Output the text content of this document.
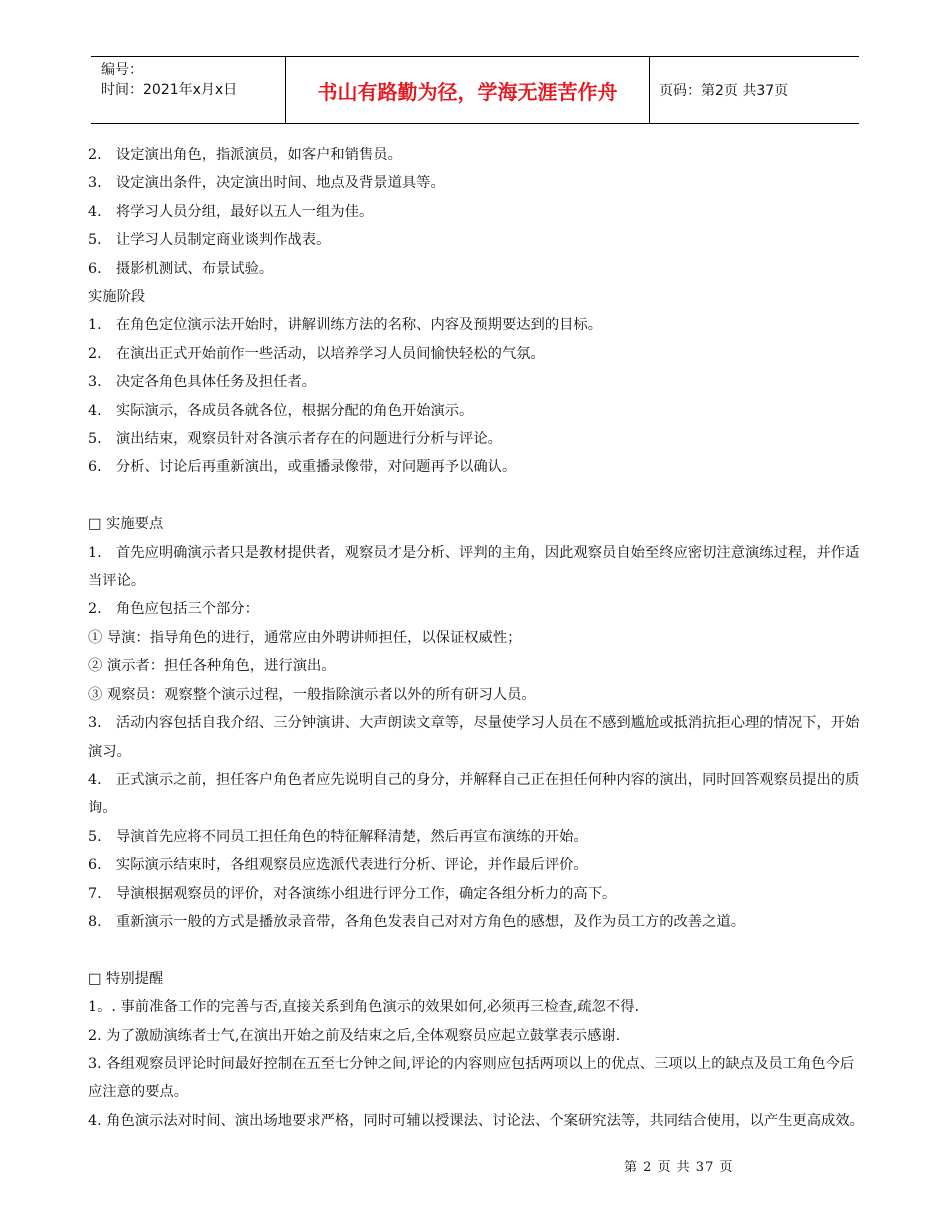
编号：
时间：2021年x月x日	书山有路勤为径，学海无涯苦作舟	页码：第2页 共37页
2.　设定演出角色，指派演员，如客户和销售员。
3.　设定演出条件，决定演出时间、地点及背景道具等。
4.　将学习人员分组，最好以五人一组为佳。
5.　让学习人员制定商业谈判作战表。
6.　摄影机测试、布景试验。
实施阶段
1.　在角色定位演示法开始时，讲解训练方法的名称、内容及预期要达到的目标。
2.　在演出正式开始前作一些活动，以培养学习人员间愉快轻松的气氛。
3.　决定各角色具体任务及担任者。
4.　实际演示，各成员各就各位，根据分配的角色开始演示。
5.　演出结束，观察员针对各演示者存在的问题进行分析与评论。
6.　分析、讨论后再重新演出，或重播录像带，对问题再予以确认。
□ 实施要点
1.　首先应明确演示者只是教材提供者，观察员才是分析、评判的主角，因此观察员自始至终应密切注意演练过程，并作适当评论。
2.　角色应包括三个部分：
① 导演：指导角色的进行，通常应由外聘讲师担任，以保证权威性；
② 演示者：担任各种角色，进行演出。
③ 观察员：观察整个演示过程，一般指除演示者以外的所有研习人员。
3.　活动内容包括自我介绍、三分钟演讲、大声朗读文章等，尽量使学习人员在不感到尴尬或抵消抗拒心理的情况下，开始演习。
4.　正式演示之前，担任客户角色者应先说明自己的身分，并解释自己正在担任何种内容的演出，同时回答观察员提出的质询。
5.　导演首先应将不同员工担任角色的特征解释清楚，然后再宣布演练的开始。
6.　实际演示结束时，各组观察员应选派代表进行分析、评论，并作最后评价。
7.　导演根据观察员的评价，对各演练小组进行评分工作，确定各组分析力的高下。
8.　重新演示一般的方式是播放录音带，各角色发表自己对对方角色的感想，及作为员工方的改善之道。
□ 特别提醒
1。. 事前准备工作的完善与否,直接关系到角色演示的效果如何,必须再三检查,疏忽不得.
2. 为了激励演练者士气,在演出开始之前及结束之后,全体观察员应起立鼓掌表示感谢.
3. 各组观察员评论时间最好控制在五至七分钟之间,评论的内容则应包括两项以上的优点、三项以上的缺点及员工角色今后应注意的要点。
4. 角色演示法对时间、演出场地要求严格，同时可辅以授课法、讨论法、个案研究法等，共同结合使用，以产生更高成效。
第 2 页 共 37 页
